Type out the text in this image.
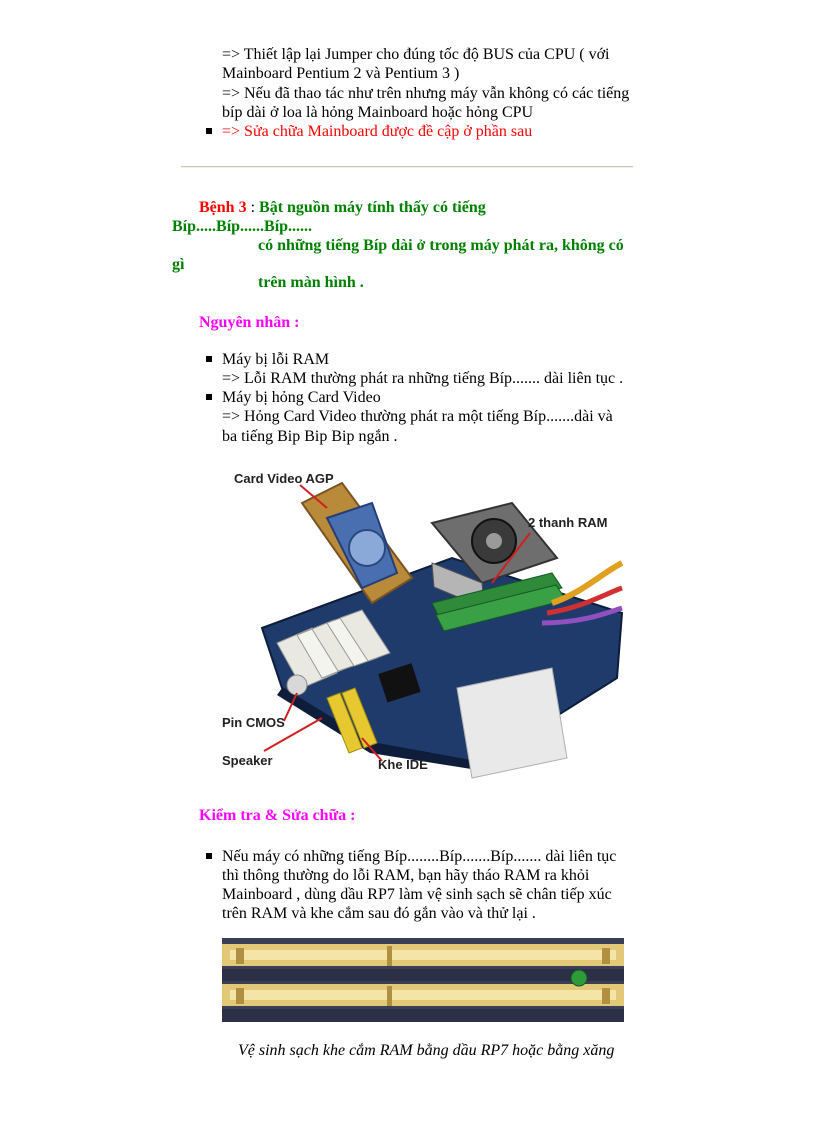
=> Thiết lập lại Jumper cho đúng tốc độ BUS của CPU ( với
Mainboard Pentium 2 và Pentium 3 )
=> Nếu đã thao tác như trên nhưng máy vẫn không có các tiếng
bíp dài ở loa là hỏng Mainboard hoặc hỏng CPU
=> Sửa chữa Mainboard được đề cập ở phần sau
Bệnh 3 : Bật nguồn máy tính thấy có tiếng
Bíp.....Bíp......Bíp......
có những tiếng Bíp dài ở trong máy phát ra, không có
gì
trên màn hình .
Nguyên nhân :
Máy bị lỗi RAM
=> Lỗi RAM thường phát ra những tiếng Bíp....... dài liên tục .
Máy bị hỏng Card Video
=> Hỏng Card Video thường phát ra một tiếng Bíp.......dài và
ba tiếng Bip Bip Bip ngắn .
Card Video AGP
2 thanh RAM
Pin CMOS
Speaker	Khe IDE
Kiểm tra & Sửa chữa :
Nếu máy có những tiếng Bíp........Bíp.......Bíp....... dài liên tục
thì thông thường do lỗi RAM, bạn hãy tháo RAM ra khỏi
Mainboard , dùng dầu RP7 làm vệ sinh sạch sẽ chân tiếp xúc
trên RAM và khe cắm sau đó gắn vào và thử lại .
Vệ sinh sạch khe cắm RAM bằng dầu RP7 hoặc bằng xăng
